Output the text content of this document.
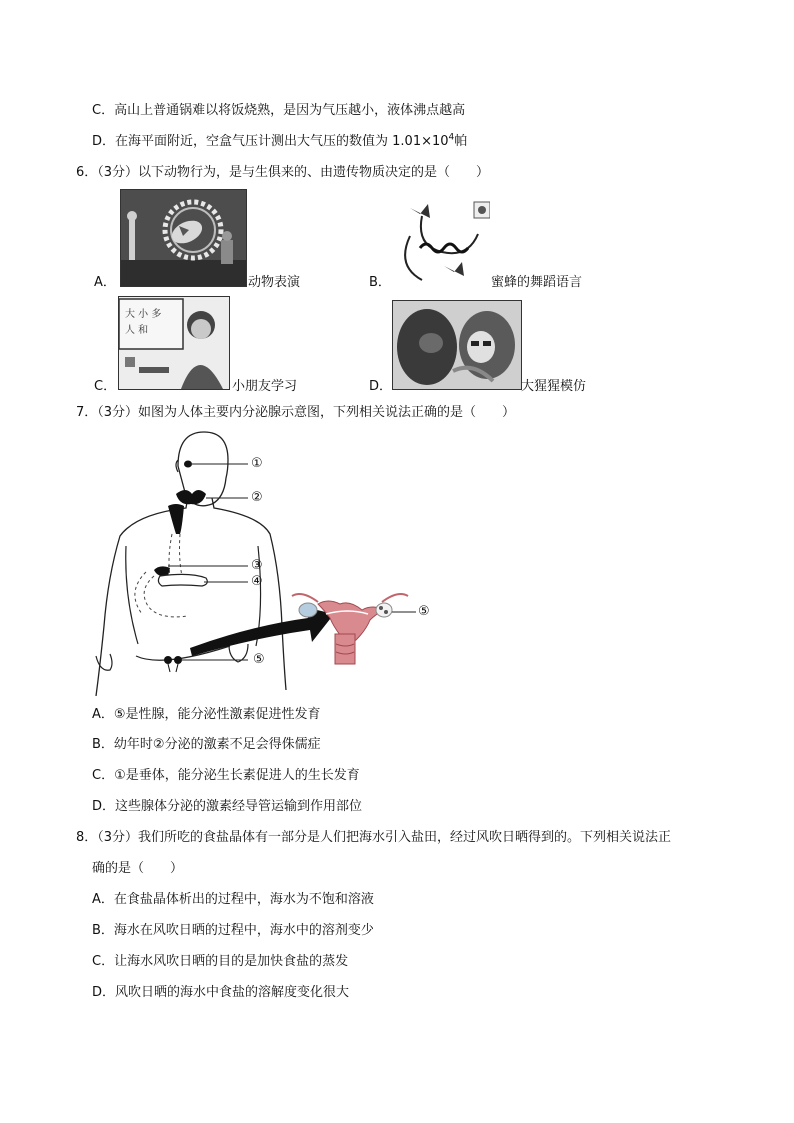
C．高山上普通锅难以将饭烧熟，是因为气压越小，液体沸点越高
D．在海平面附近，空盒气压计测出大气压的数值为 $1.01\times 10^4$帕
6．（3分）以下动物行为，是与生俱来的、由遗传物质决定的是（　　）
A．	动物表演	B．	蜜蜂的舞蹈语言
大 小 多
人 和
C．	小朋友学习	D．	大猩猩模仿
7．（3分）如图为人体主要内分泌腺示意图，下列相关说法正确的是（　　）
①
②
③
④
⑤
⑤
A．⑤是性腺，能分泌性激素促进性发育
B．幼年时②分泌的激素不足会得侏儒症
C．①是垂体，能分泌生长素促进人的生长发育
D．这些腺体分泌的激素经导管运输到作用部位
8．（3分）我们所吃的食盐晶体有一部分是人们把海水引入盐田，经过风吹日晒得到的。下列相关说法正
确的是（　　）
A．在食盐晶体析出的过程中，海水为不饱和溶液
B．海水在风吹日晒的过程中，海水中的溶剂变少
C．让海水风吹日晒的目的是加快食盐的蒸发
D．风吹日晒的海水中食盐的溶解度变化很大
